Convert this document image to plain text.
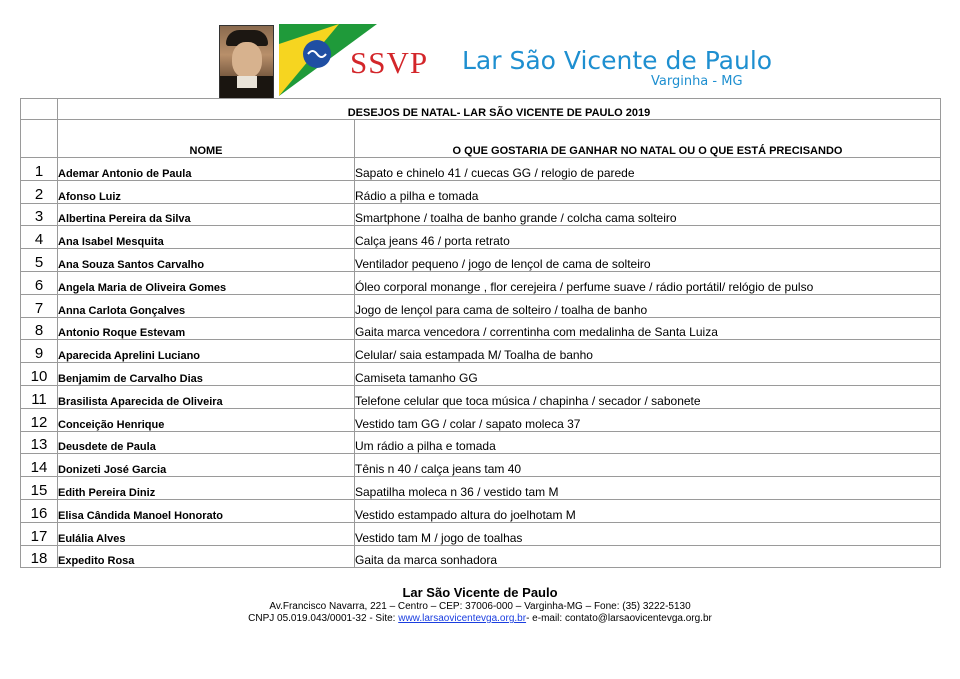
SSVP Lar São Vicente de Paulo
Varginha - MG
	DESEJOS DE NATAL- LAR SÃO VICENTE DE PAULO 2019	
	NOME	O QUE GOSTARIA DE GANHAR NO NATAL OU O QUE ESTÁ PRECISANDO
1	Ademar Antonio de Paula	Sapato e chinelo 41 / cuecas GG / relogio de parede
2	Afonso Luiz	Rádio a pilha e tomada
3	Albertina Pereira da Silva	Smartphone / toalha de banho grande / colcha cama solteiro
4	Ana Isabel Mesquita	Calça jeans 46 / porta retrato
5	Ana Souza Santos Carvalho	Ventilador pequeno / jogo de lençol de cama de solteiro
6	Angela Maria de Oliveira Gomes	Óleo corporal monange , flor cerejeira / perfume suave / rádio portátil/ relógio de pulso
7	Anna Carlota Gonçalves	Jogo de lençol para cama de solteiro / toalha de banho
8	Antonio Roque Estevam	Gaita marca vencedora / correntinha com medalinha de Santa Luiza
9	Aparecida Aprelini Luciano	Celular/ saia estampada M/ Toalha de banho
10	Benjamim de Carvalho Dias	Camiseta tamanho GG
11	Brasilista Aparecida de Oliveira	Telefone celular que toca música / chapinha / secador / sabonete
12	Conceição Henrique	Vestido tam GG / colar / sapato moleca 37
13	Deusdete de Paula	Um rádio a pilha e tomada
14	Donizeti José Garcia	Tênis n 40 / calça jeans tam 40
15	Edith Pereira Diniz	Sapatilha moleca n 36 / vestido tam M
16	Elisa Cândida Manoel Honorato	Vestido estampado altura do joelhotam M
17	Eulália Alves	Vestido tam M / jogo de toalhas
18	Expedito Rosa	Gaita da marca sonhadora
Lar São Vicente de Paulo
Av.Francisco Navarra, 221 – Centro – CEP: 37006-000 – Varginha-MG – Fone: (35) 3222-5130
CNPJ 05.019.043/0001-32 - Site: www.larsaovicentevga.org.br- e-mail: contato@larsaovicentevga.org.br
